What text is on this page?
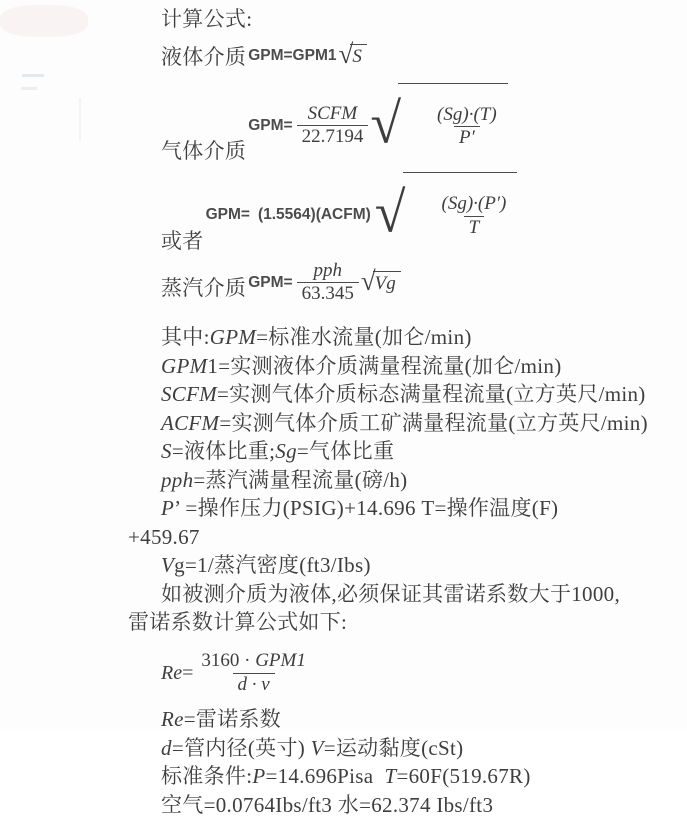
计算公式:
液体介质 GPM=GPM1 √ S
气体介质
$GPM= \frac{\text{SCFM}}{22.7194}$ √

$\frac{(Sg)\cdot(T)}{P'}$

或者
GPM= (1.5564)(ACFM) √

$\frac{(Sg)\cdot(P')}{T}$

蒸汽介质 $GPM= \frac{\text{pph}}{63.345}$ √ Vg
其中:GPM=标准水流量(加仑/min)
GPM1=实测液体介质满量程流量(加仑/min)
SCFM=实测气体介质标态满量程流量(立方英尺/min)
ACFM=实测气体介质工矿满量程流量(立方英尺/min)
S=液体比重;Sg=气体比重
pph=蒸汽满量程流量(磅/h)
P’ =操作压力(PSIG)+14.696 T=操作温度(F)
+459.67
Vg=1/蒸汽密度(ft3/Ibs)
如被测介质为液体,必须保证其雷诺系数大于1000,
雷诺系数计算公式如下:
$Re= \frac{\text{3160 · GPM1}}{d \cdot v}$
Re=雷诺系数
d=管内径(英寸) V=运动黏度(cSt)
标准条件:P=14.696Pisa  T=60F(519.67R)
空气=0.0764Ibs/ft3 水=62.374 Ibs/ft3
